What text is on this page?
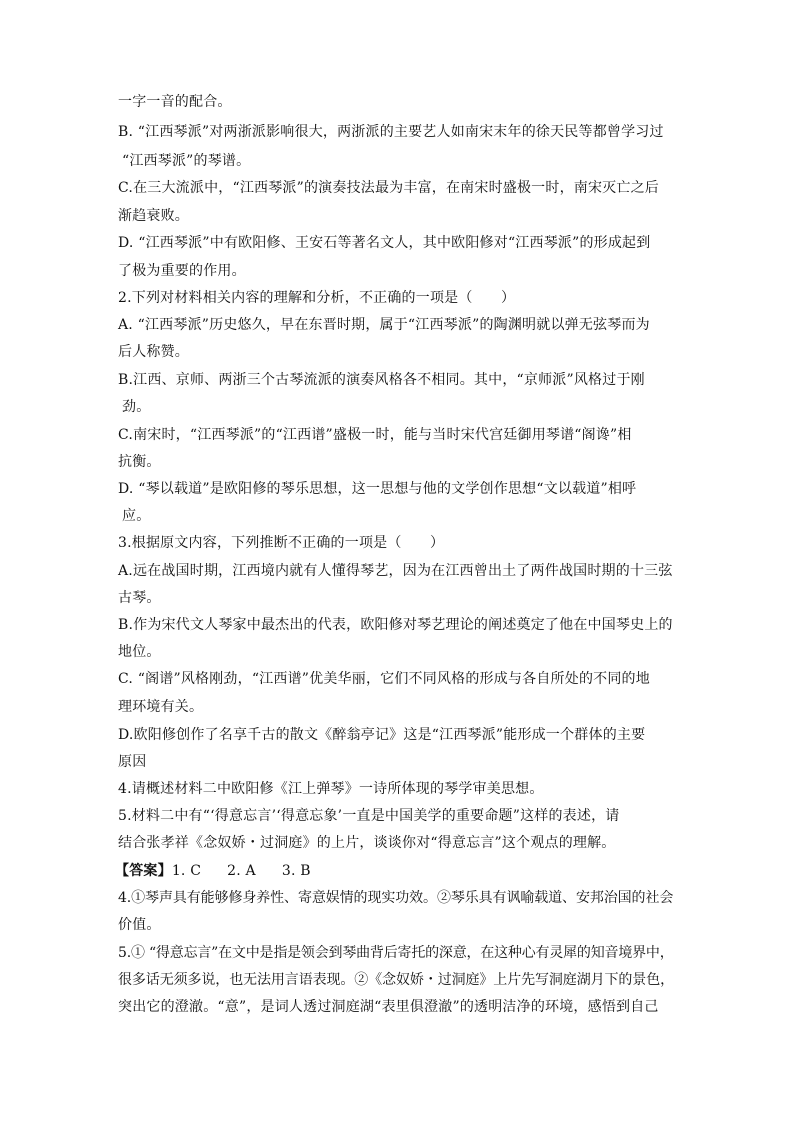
一字一音的配合。
B. “江西琴派”对两浙派影响很大，两浙派的主要艺人如南宋末年的徐天民等都曾学习过
“江西琴派”的琴谱。
C.在三大流派中，“江西琴派”的演奏技法最为丰富，在南宋时盛极一时，南宋灭亡之后
渐趋衰败。
D. “江西琴派”中有欧阳修、王安石等著名文人，其中欧阳修对“江西琴派”的形成起到
了极为重要的作用。
2.下列对材料相关内容的理解和分析，不正确的一项是（　　）
A. “江西琴派”历史悠久，早在东晋时期，属于“江西琴派”的陶渊明就以弹无弦琴而为
后人称赞。
B.江西、京师、两浙三个古琴流派的演奏风格各不相同。其中，“京师派”风格过于刚
劲。
C.南宋时，“江西琴派”的“江西谱”盛极一时，能与当时宋代宫廷御用琴谱“阁谗”相
抗衡。
D. “琴以载道”是欧阳修的琴乐思想，这一思想与他的文学创作思想“文以载道”相呼
应。
3.根据原文内容，下列推断不正确的一项是（　　）
A.远在战国时期，江西境内就有人懂得琴艺，因为在江西曾出土了两件战国时期的十三弦
古琴。
B.作为宋代文人琴家中最杰出的代表，欧阳修对琴艺理论的阐述奠定了他在中国琴史上的
地位。
C. “阁谱”风格刚劲，“江西谱”优美华丽，它们不同风格的形成与各自所处的不同的地
理环境有关。
D.欧阳修创作了名享千古的散文《醉翁亭记》这是“江西琴派”能形成一个群体的主要
原因
4.请概述材料二中欧阳修《江上弹琴》一诗所体现的琴学审美思想。
5.材料二中有“‘得意忘言’‘得意忘象’一直是中国美学的重要命题”这样的表述，请
结合张孝祥《念奴娇・过洞庭》的上片，谈谈你对“得意忘言”这个观点的理解。
【答案】1. C 2. A 3. B
4.①琴声具有能够修身养性、寄意娱情的现实功效。②琴乐具有讽喻载道、安邦治国的社会
价值。
5.① “得意忘言”在文中是指是领会到琴曲背后寄托的深意，在这种心有灵犀的知音境界中，
很多话无须多说，也无法用言语表现。②《念奴娇・过洞庭》上片先写洞庭湖月下的景色，
突出它的澄澈。“意”，是词人透过洞庭湖“表里俱澄澈”的透明洁净的环境，感悟到自己
